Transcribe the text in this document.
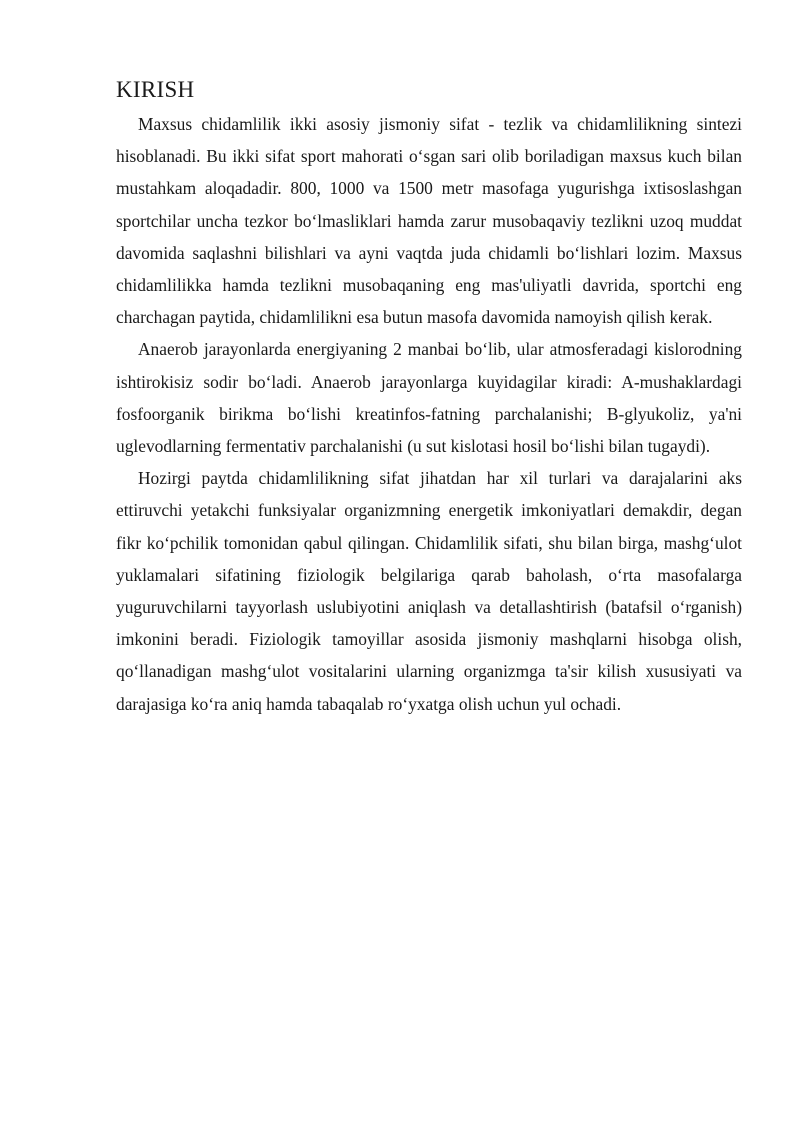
KIRISH

Maxsus chidamlilik ikki asosiy jismoniy sifat - tezlik va chidamlilikning sintezi hisoblanadi. Bu ikki sifat sport mahorati o‘sgan sari olib boriladigan maxsus kuch bilan mustahkam aloqadadir. 800, 1000 va 1500 metr masofaga yugurishga ixtisoslashgan sportchilar uncha tezkor bo‘lmasliklari hamda zarur musobaqaviy tezlikni uzoq muddat davomida saqlashni bilishlari va ayni vaqtda juda chidamli bo‘lishlari lozim. Maxsus chidamlilikka hamda tezlikni musobaqaning eng mas'uliyatli davrida, sportchi eng charchagan paytida, chidamlilikni esa butun masofa davomida namoyish qilish kerak.

Anaerob jarayonlarda energiyaning 2 manbai bo‘lib, ular atmosferadagi kislorodning ishtirokisiz sodir bo‘ladi. Anaerob jarayonlarga kuyidagilar kiradi: A-mushaklardagi fosfoorganik birikma bo‘lishi kreatinfos-fatning parchalanishi; B-glyukoliz, ya'ni uglevodlarning fermentativ parchalanishi (u sut kislotasi hosil bo‘lishi bilan tugaydi).

Hozirgi paytda chidamlilikning sifat jihatdan har xil turlari va darajalarini aks ettiruvchi yetakchi funksiyalar organizmning energetik imkoniyatlari demakdir, degan fikr ko‘pchilik tomonidan qabul qilingan. Chidamlilik sifati, shu bilan birga, mashg‘ulot yuklamalari sifatining fiziologik belgilariga qarab baholash, o‘rta masofalarga yuguruvchilarni tayyorlash uslubiyotini aniqlash va detallashtirish (batafsil o‘rganish) imkonini beradi. Fiziologik tamoyillar asosida jismoniy mashqlarni hisobga olish, qo‘llanadigan mashg‘ulot vositalarini ularning organizmga ta'sir kilish xususiyati va darajasiga ko‘ra aniq hamda tabaqalab ro‘yxatga olish uchun yul ochadi.
